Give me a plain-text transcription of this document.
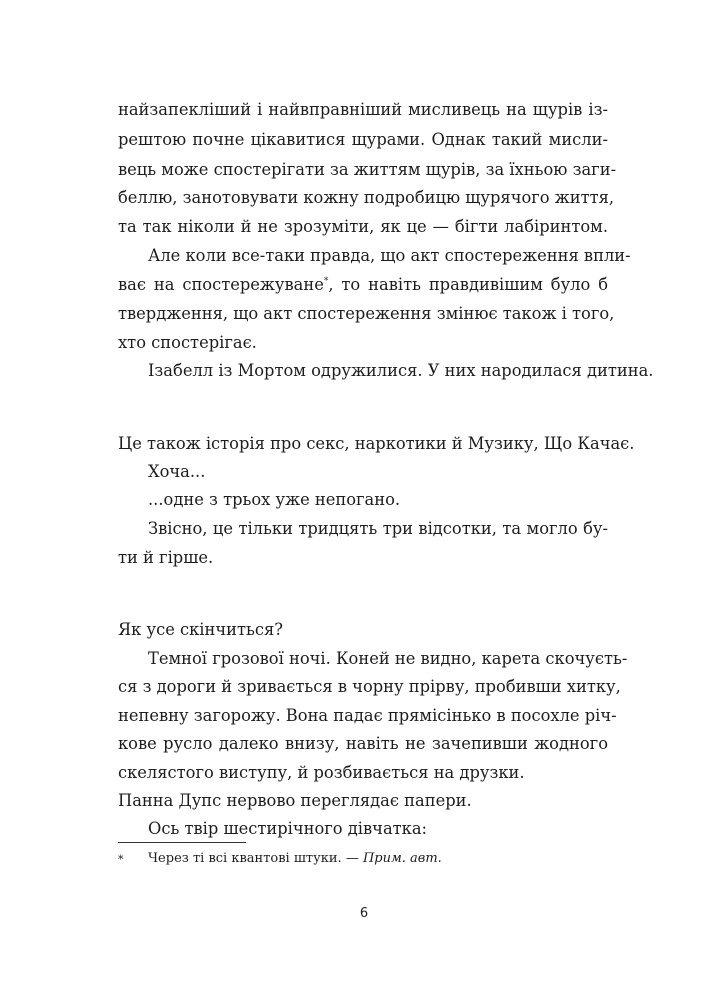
найзапекліший і найвправніший мисливець на щурів із-
рештою почне цікавитися щурами. Однак такий мисли-
вець може спостерігати за життям щурів, за їхньою заги-
беллю, занотовувати кожну подробицю щурячого життя,
та так ніколи й не зрозуміти, як це — бігти лабіринтом.
Але коли все-таки правда, що акт спостереження впли-
ває на спостережуване*, то навіть правдивішим було б
твердження, що акт спостереження змінює також і того,
хто спостерігає.
Ізабелл із Мортом одружилися. У них народилася дитина.
Це також історія про секс, наркотики й Музику, Що Качає.
Хоча...
...одне з трьох уже непогано.
Звісно, це тільки тридцять три відсотки, та могло бу-
ти й гірше.
Як усе скінчиться?
Темної грозової ночі. Коней не видно, карета скочуєть-
ся з дороги й зривається в чорну прірву, пробивши хитку,
непевну загорожу. Вона падає прямісінько в посохле річ-
кове русло далеко внизу, навіть не зачепивши жодного
скелястого виступу, й розбивається на друзки.
Панна Дупс нервово переглядає папери.
Ось твір шестирічного дівчатка:
* Через ті всі квантові штуки. — Прим. авт.
6
